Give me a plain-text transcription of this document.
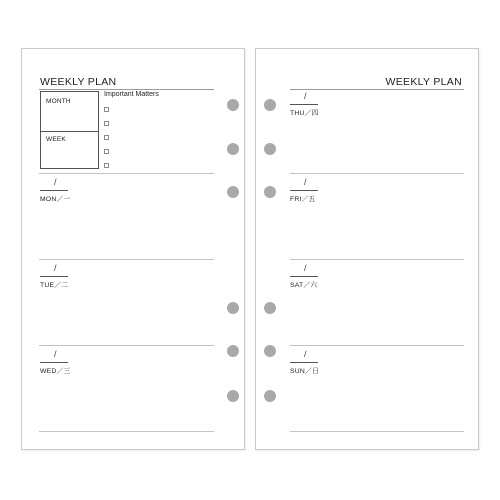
WEEKLY PLAN
MONTH
WEEK
Important Matters
/
MON／一
/
TUE／二
/
WED／三
WEEKLY PLAN
/
THU／四
/
FRI／五
/
SAT／六
/
SUN／日
